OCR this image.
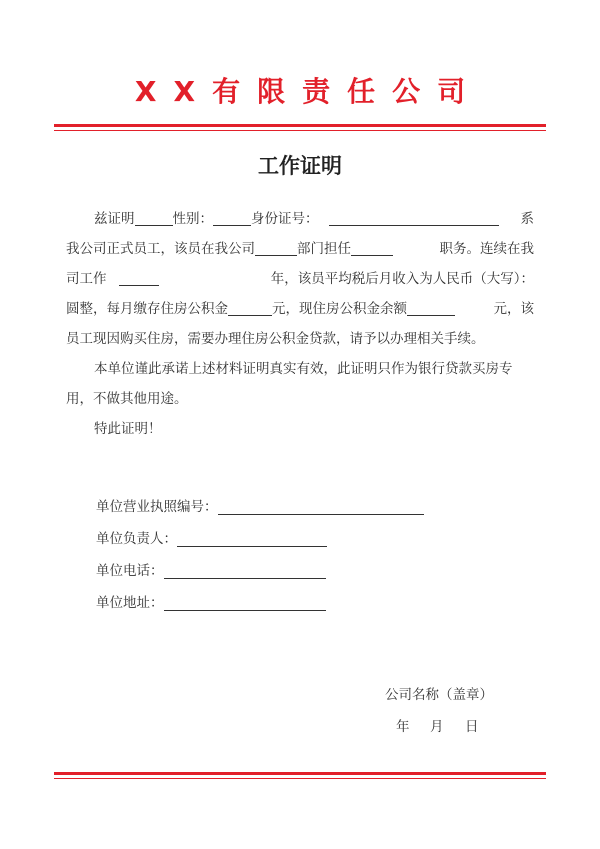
XX有限责任公司
工作证明
兹证明	性别：	身份证号：	系
我公司正式员工，该员在我公司	部门担任	职务。连续在我
司工作	年，该员平均税后月收入为人民币（大写）：
圆整，每月缴存住房公积金	元，现住房公积金余额	元，该
员工现因购买住房，需要办理住房公积金贷款，请予以办理相关手续。
本单位谨此承诺上述材料证明真实有效，此证明只作为银行贷款买房专
用，不做其他用途。
特此证明！
单位营业执照编号：
单位负责人：
单位电话：
单位地址：
公司名称（盖章）
年 月 日
